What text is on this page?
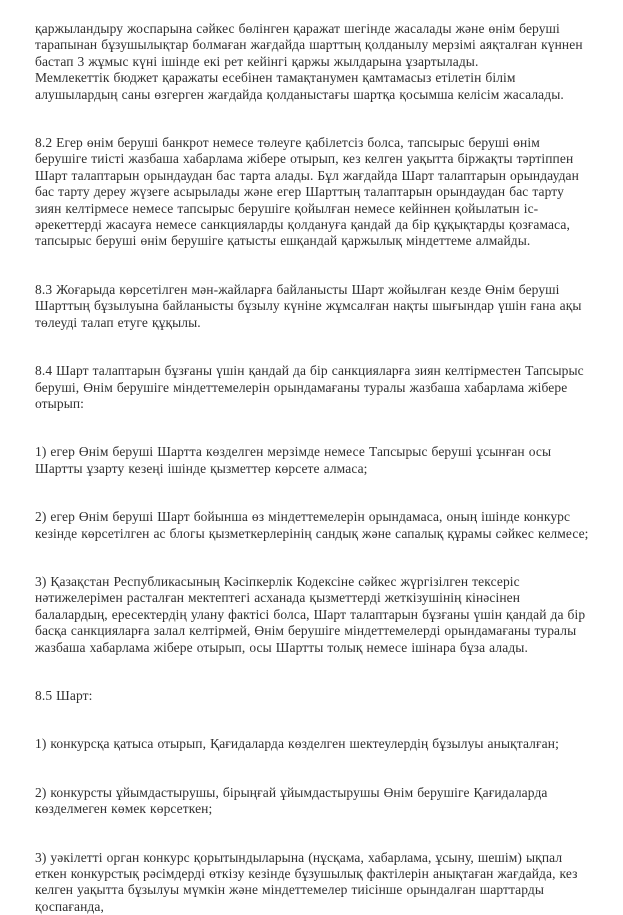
қаржыландыру жоспарына сәйкес бөлінген қаражат шегінде жасалады және өнім беруші тарапынан бұзушылықтар болмаған жағдайда шарттың қолданылу мерзімі аяқталған күннен бастап 3 жұмыс күні ішінде екі рет кейінгі қаржы жылдарына ұзартылады.

Мемлекеттік бюджет қаражаты есебінен тамақтанумен қамтамасыз етілетін білім алушылардың саны өзгерген жағдайда қолданыстағы шартқа қосымша келісім жасалады.

8.2 Егер өнім беруші банкрот немесе төлеуге қабілетсіз болса, тапсырыс беруші өнім берушіге тиісті жазбаша хабарлама жібере отырып, кез келген уақытта біржақты тәртіппен Шарт талаптарын орындаудан бас тарта алады. Бұл жағдайда Шарт талаптарын орындаудан бас тарту дереу жүзеге асырылады және егер Шарттың талаптарын орындаудан бас тарту зиян келтірмесе немесе тапсырыс берушіге қойылған немесе кейіннен қойылатын іс-әрекеттерді жасауға немесе санкцияларды қолдануға қандай да бір құқықтарды қозғамаса, тапсырыс беруші өнім берушіге қатысты ешқандай қаржылық міндеттеме алмайды.

8.3 Жоғарыда көрсетілген мән-жайларға байланысты Шарт жойылған кезде Өнім беруші Шарттың бұзылуына байланысты бұзылу күніне жұмсалған нақты шығындар үшін ғана ақы төлеуді талап етуге құқылы.

8.4 Шарт талаптарын бұзғаны үшін қандай да бір санкцияларға зиян келтірместен Тапсырыс беруші, Өнім берушіге міндеттемелерін орындамағаны туралы жазбаша хабарлама жібере отырып:

1) егер Өнім беруші Шартта көзделген мерзімде немесе Тапсырыс беруші ұсынған осы Шартты ұзарту кезеңі ішінде қызметтер көрсете алмаса;

2) егер Өнім беруші Шарт бойынша өз міндеттемелерін орындамаса, оның ішінде конкурс кезінде көрсетілген ас блогы қызметкерлерінің сандық және сапалық құрамы сәйкес келмесе;

3) Қазақстан Республикасының Кәсіпкерлік Кодексіне сәйкес жүргізілген тексеріс нәтижелерімен расталған мектептегі асханада қызметтерді жеткізушінің кінәсінен балалардың, ересектердің улану фактісі болса, Шарт талаптарын бұзғаны үшін қандай да бір басқа санкцияларға залал келтірмей, Өнім берушіге міндеттемелерді орындамағаны туралы жазбаша хабарлама жібере отырып, осы Шартты толық немесе ішінара бұза алады.

8.5 Шарт:

1) конкурсқа қатыса отырып, Қағидаларда көзделген шектеулердің бұзылуы анықталған;

2) конкурсты ұйымдастырушы, бірыңғай ұйымдастырушы Өнім берушіге Қағидаларда көзделмеген көмек көрсеткен;

3) уәкілетті орган конкурс қорытындыларына (нұсқама, хабарлама, ұсыну, шешім) ықпал еткен конкурстық рәсімдерді өткізу кезінде бұзушылық фактілерін анықтаған жағдайда, кез келген уақытта бұзылуы мүмкін және міндеттемелер тиісінше орындалған шарттарды қоспағанда,
